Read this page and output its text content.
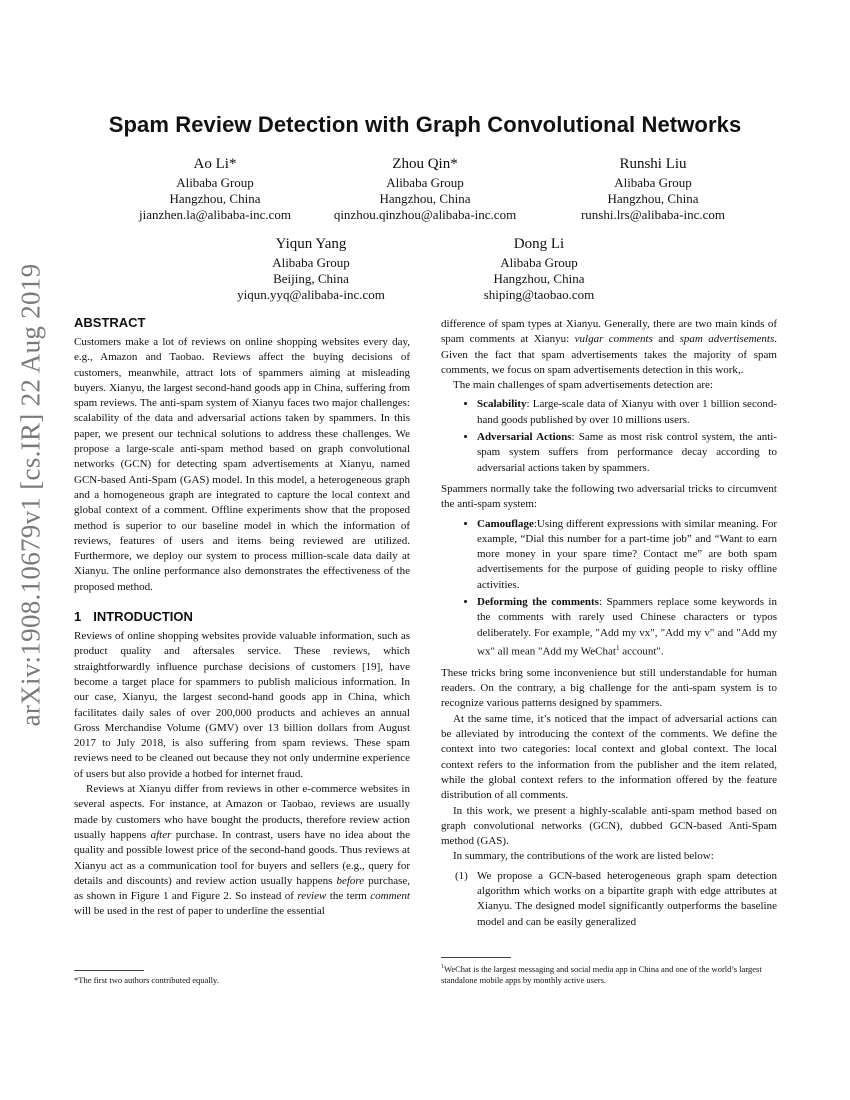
arXiv:1908.10679v1 [cs.IR] 22 Aug 2019
Spam Review Detection with Graph Convolutional Networks
Ao Li*
Alibaba Group
Hangzhou, China
jianzhen.la@alibaba-inc.com
Zhou Qin*
Alibaba Group
Hangzhou, China
qinzhou.qinzhou@alibaba-inc.com
Runshi Liu
Alibaba Group
Hangzhou, China
runshi.lrs@alibaba-inc.com
Yiqun Yang
Alibaba Group
Beijing, China
yiqun.yyq@alibaba-inc.com
Dong Li
Alibaba Group
Hangzhou, China
shiping@taobao.com
ABSTRACT

Customers make a lot of reviews on online shopping websites every day, e.g., Amazon and Taobao. Reviews affect the buying decisions of customers, meanwhile, attract lots of spammers aiming at misleading buyers. Xianyu, the largest second-hand goods app in China, suffering from spam reviews. The anti-spam system of Xianyu faces two major challenges: scalability of the data and adversarial actions taken by spammers. In this paper, we present our technical solutions to address these challenges. We propose a large-scale anti-spam method based on graph convolutional networks (GCN) for detecting spam advertisements at Xianyu, named GCN-based Anti-Spam (GAS) model. In this model, a heterogeneous graph and a homogeneous graph are integrated to capture the local context and global context of a comment. Offline experiments show that the proposed method is superior to our baseline model in which the information of reviews, features of users and items being reviewed are utilized. Furthermore, we deploy our system to process million-scale data daily at Xianyu. The online performance also demonstrates the effectiveness of the proposed method.

1 INTRODUCTION

Reviews of online shopping websites provide valuable information, such as product quality and aftersales service. These reviews, which straightforwardly influence purchase decisions of customers [19], have become a target place for spammers to publish malicious information. In our case, Xianyu, the largest second-hand goods app in China, which facilitates daily sales of over 200,000 products and achieves an annual Gross Merchandise Volume (GMV) over 13 billion dollars from August 2017 to July 2018, is also suffering from spam reviews. These spam reviews need to be cleaned out because they not only undermine experience of users but also provide a hotbed for internet fraud.

Reviews at Xianyu differ from reviews in other e-commerce websites in several aspects. For instance, at Amazon or Taobao, reviews are usually made by customers who have bought the products, therefore review action usually happens after purchase. In contrast, users have no idea about the quality and possible lowest price of the second-hand goods. Thus reviews at Xianyu act as a communication tool for buyers and sellers (e.g., query for details and discounts) and review action usually happens before purchase, as shown in Figure 1 and Figure 2. So instead of review the term comment will be used in the rest of paper to underline the essential

*The first two authors contributed equally.

difference of spam types at Xianyu. Generally, there are two main kinds of spam comments at Xianyu: vulgar comments and spam advertisements. Given the fact that spam advertisements takes the majority of spam comments, we focus on spam advertisements detection in this work,.

The main challenges of spam advertisements detection are:

• Scalability: Large-scale data of Xianyu with over 1 billion second-hand goods published by over 10 millions users.
• Adversarial Actions: Same as most risk control system, the anti-spam system suffers from performance decay according to adversarial actions taken by spammers.

Spammers normally take the following two adversarial tricks to circumvent the anti-spam system:

• Camouflage:Using different expressions with similar meaning. For example, “Dial this number for a part-time job” and “Want to earn more money in your spare time? Contact me” are both spam advertisements for the purpose of guiding people to risky offline activities.
• Deforming the comments: Spammers replace some keywords in the comments with rarely used Chinese characters or typos deliberately. For example, "Add my vx", "Add my v" and "Add my wx" all mean "Add my WeChat$^1$ account".

These tricks bring some inconvenience but still understandable for human readers. On the contrary, a big challenge for the anti-spam system is to recognize various patterns designed by spammers.

At the same time, it’s noticed that the impact of adversarial actions can be alleviated by introducing the context of the comments. We define the context into two categories: local context and global context. The local context refers to the information from the publisher and the item related, while the global context refers to the information offered by the feature distribution of all comments.

In this work, we present a highly-scalable anti-spam method based on graph convolutional networks (GCN), dubbed GCN-based Anti-Spam method (GAS).

In summary, the contributions of the work are listed below:

(1) We propose a GCN-based heterogeneous graph spam detection algorithm which works on a bipartite graph with edge attributes at Xianyu. The designed model significantly outperforms the baseline model and can be easily generalized
$^1$WeChat is the largest messaging and social media app in China and one of the world’s largest standalone mobile apps by monthly active users.
